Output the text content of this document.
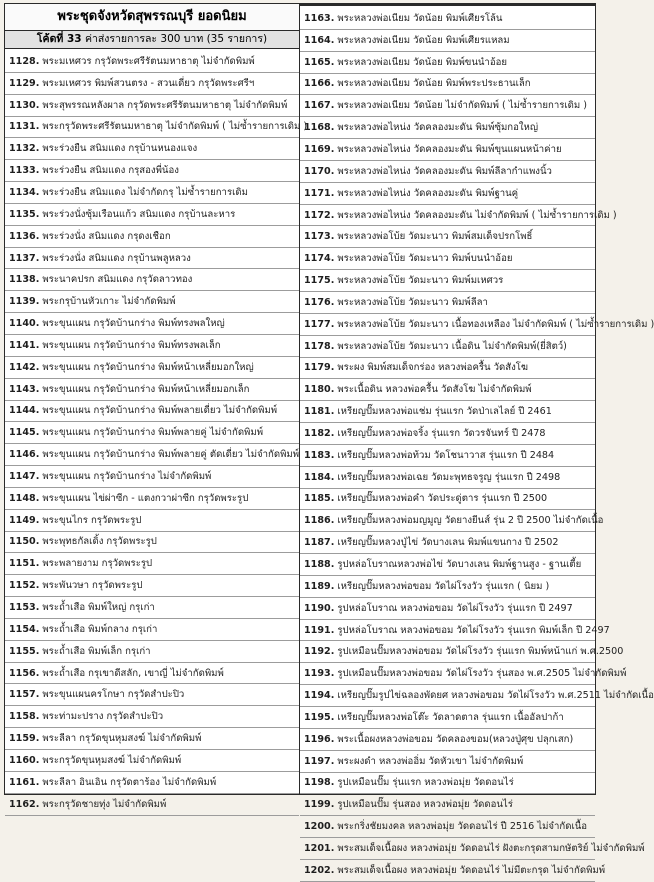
พระชุดจังหวัดสุพรรณบุรี ยอดนิยม
โค้ดที่ 33 ค่าส่งรายการละ 300 บาท (35 รายการ)
1128. พระมเหศวร กรุวัดพระศรีรัตนมหาธาตุ ไม่จำกัดพิมพ์
1129. พระมเหศวร พิมพ์สวนตรง - สวนเดี่ยว กรุวัดพระศรีฯ
1130. พระสุพรรณหลังผาล กรุวัดพระศรีรัตนมหาธาตุ ไม่จำกัดพิมพ์
1131. พระกรุวัดพระศรีรัตนมหาธาตุ ไม่จำกัดพิมพ์ ( ไม่ซ้ำรายการเดิม )
1132. พระร่วงยืน สนิมแดง กรุบ้านหนองแจง
1133. พระร่วงยืน สนิมแดง กรุสองพี่น้อง
1134. พระร่วงยืน สนิมแดง ไม่จำกัดกรุ ไม่ซ้ำรายการเดิม
1135. พระร่วงนั่งซุ้มเรือนแก้ว สนิมแดง กรุบ้านละหาร
1136. พระร่วงนั่ง สนิมแดง กรุดงเชือก
1137. พระร่วงนั่ง สนิมแดง กรุบ้านพลูหลวง
1138. พระนาคปรก สนิมแดง กรุวัดลาวทอง
1139. พระกรุบ้านหัวเกาะ ไม่จำกัดพิมพ์
1140. พระขุนแผน กรุวัดบ้านกร่าง พิมพ์ทรงพลใหญ่
1141. พระขุนแผน กรุวัดบ้านกร่าง พิมพ์ทรงพลเล็ก
1142. พระขุนแผน กรุวัดบ้านกร่าง พิมพ์หน้าเหลี่ยมอกใหญ่
1143. พระขุนแผน กรุวัดบ้านกร่าง พิมพ์หน้าเหลี่ยมอกเล็ก
1144. พระขุนแผน กรุวัดบ้านกร่าง พิมพ์พลายเดี่ยว ไม่จำกัดพิมพ์
1145. พระขุนแผน กรุวัดบ้านกร่าง พิมพ์พลายคู่ ไม่จำกัดพิมพ์
1146. พระขุนแผน กรุวัดบ้านกร่าง พิมพ์พลายคู่ ตัดเดี่ยว ไม่จำกัดพิมพ์
1147. พระขุนแผน กรุวัดบ้านกร่าง ไม่จำกัดพิมพ์
1148. พระขุนแผน ไข่ผ่าซีก - แตงกวาผ่าซีก กรุวัดพระรูป
1149. พระขุนไกร กรุวัดพระรูป
1150. พระพุทธกัลเดิ้ง กรุวัดพระรูป
1151. พระพลายงาม กรุวัดพระรูป
1152. พระพันวษา กรุวัดพระรูป
1153. พระถ้ำเสือ พิมพ์ใหญ่ กรุเก่า
1154. พระถ้ำเสือ พิมพ์กลาง กรุเก่า
1155. พระถ้ำเสือ พิมพ์เล็ก กรุเก่า
1156. พระถ้ำเสือ กรุเขาดีสลัก, เขาญี่ ไม่จำกัดพิมพ์
1157. พระขุนแผนครโกษา กรุวัดสำปะปิว
1158. พระท่ามะปราง กรุวัดสำปะปิว
1159. พระลีลา กรุวัดขุนหุมสงฆ์ ไม่จำกัดพิมพ์
1160. พระกรุวัดขุนหุมสงฆ์ ไม่จำกัดพิมพ์
1161. พระลีลา อินเอิน กรุวัดตาร้อง ไม่จำกัดพิมพ์
1162. พระกรุวัดชายทุ่ง ไม่จำกัดพิมพ์
1163. พระหลวงพ่อเนียม วัดน้อย พิมพ์เศียรโล้น
1164. พระหลวงพ่อเนียม วัดน้อย พิมพ์เศียรแหลม
1165. พระหลวงพ่อเนียม วัดน้อย พิมพ์ขนนำอ้อย
1166. พระหลวงพ่อเนียม วัดน้อย พิมพ์พระประธานเล็ก
1167. พระหลวงพ่อเนียม วัดน้อย ไม่จำกัดพิมพ์ ( ไม่ซ้ำรายการเดิม )
1168. พระหลวงพ่อไหน่ง วัดคลองมะดัน พิมพ์ซุ้มกอใหญ่
1169. พระหลวงพ่อไหน่ง วัดคลองมะดัน พิมพ์ขุนแผนหน้าค่าย
1170. พระหลวงพ่อไหน่ง วัดคลองมะดัน พิมพ์ลีลากำแพงนิ้ว
1171. พระหลวงพ่อไหน่ง วัดคลองมะดัน พิมพ์ฐานคู่
1172. พระหลวงพ่อไหน่ง วัดคลองมะดัน ไม่จำกัดพิมพ์ ( ไม่ซ้ำรายการเดิม )
1173. พระหลวงพ่อโบ้ย วัดมะนาว พิมพ์สมเด็จปรกโพธิ์
1174. พระหลวงพ่อโบ้ย วัดมะนาว พิมพ์บนนำอ้อย
1175. พระหลวงพ่อโบ้ย วัดมะนาว พิมพ์มเหศวร
1176. พระหลวงพ่อโบ้ย วัดมะนาว พิมพ์ลีลา
1177. พระหลวงพ่อโบ้ย วัดมะนาว เนื้อทองเหลือง ไม่จำกัดพิมพ์ ( ไม่ซ้ำรายการเดิม )
1178. พระหลวงพ่อโบ้ย วัดมะนาว เนื้อดิน ไม่จำกัดพิมพ์(ยี่สิตว์)
1179. พระผง พิมพ์สมเด็จกร่อง หลวงพ่อครื้น วัดสังโฆ
1180. พระเนื้อดิน หลวงพ่อครื้น วัดสังโฆ ไม่จำกัดพิมพ์
1181. เหรียญปั๊มหลวงพ่อแช่ม รุ่นแรก วัดป่าเลไลย์ ปี 2461
1182. เหรียญปั๊มหลวงพ่อจริ้ง รุ่นแรก วัดวรจันทร์ ปี 2478
1183. เหรียญปั๊มหลวงพ่อท้วม วัดโชนาวาส รุ่นแรก ปี 2484
1184. เหรียญปั๊มหลวงพ่อเฉย วัดมะพุทธจรูญ รุ่นแรก ปี 2498
1185. เหรียญปั๊มหลวงพ่อคำ วัดประดู่ตาร รุ่นแรก ปี 2500
1186. เหรียญปั๊มหลวงพ่อมญมูญ วัดยางยีนส์ รุ่น 2 ปี 2500 ไม่จำกัดเนื้อ
1187. เหรียญปั๊มหลวงปู่ไข่ วัดบางเลน พิมพ์แขนกาง ปี 2502
1188. รูปหล่อโบราณหลวงพ่อไข่ วัดบางเลน พิมพ์ฐานสูง - ฐานเตี้ย
1189. เหรียญปั๊มหลวงพ่อขอม วัดไผ่โรงวัว รุ่นแรก ( นิยม )
1190. รูปหล่อโบราณ หลวงพ่อขอม วัดไผ่โรงวัว รุ่นแรก ปี 2497
1191. รูปหล่อโบราณ หลวงพ่อขอม วัดไผ่โรงวัว รุ่นแรก พิมพ์เล็ก ปี 2497
1192. รูปเหมือนปั๊มหลวงพ่อขอม วัดไผ่โรงวัว รุ่นแรก พิมพ์หน้าแก่ พ.ศ.2500
1193. รูปเหมือนปั๊มหลวงพ่อขอม วัดไผ่โรงวัว รุ่นสอง พ.ศ.2505 ไม่จำกัดพิมพ์
1194. เหรียญปั๊มรูปไข่ฉลองพัดยศ หลวงพ่อขอม วัดไผ่โรงวัว พ.ศ.2511 ไม่จำกัดเนื้อ
1195. เหรียญปั๊มหลวงพ่อโต๊ะ วัดลาดตาล รุ่นแรก เนื้ออัลปาก้า
1196. พระเนื้อผงหลวงพ่อขอม วัดคลองขอม(หลวงปู่ศุข ปลุกเสก)
1197. พระผงดำ หลวงพ่ออิ่ม วัดหัวเขา ไม่จำกัดพิมพ์
1198. รูปเหมือนปั๊ม รุ่นแรก หลวงพ่อมุ่ย วัดดอนไร่
1199. รูปเหมือนปั๊ม รุ่นสอง หลวงพ่อมุ่ย วัดดอนไร่
1200. พระกริ่งชัยมงคล หลวงพ่อมุ่ย วัดดอนไร่ ปี 2516 ไม่จำกัดเนื้อ
1201. พระสมเด็จเนื้อผง หลวงพ่อมุ่ย วัดดอนไร่ ฝังตะกรุดสามกษัตริย์ ไม่จำกัดพิมพ์
1202. พระสมเด็จเนื้อผง หลวงพ่อมุ่ย วัดดอนไร่ ไม่มีตะกรุด ไม่จำกัดพิมพ์
